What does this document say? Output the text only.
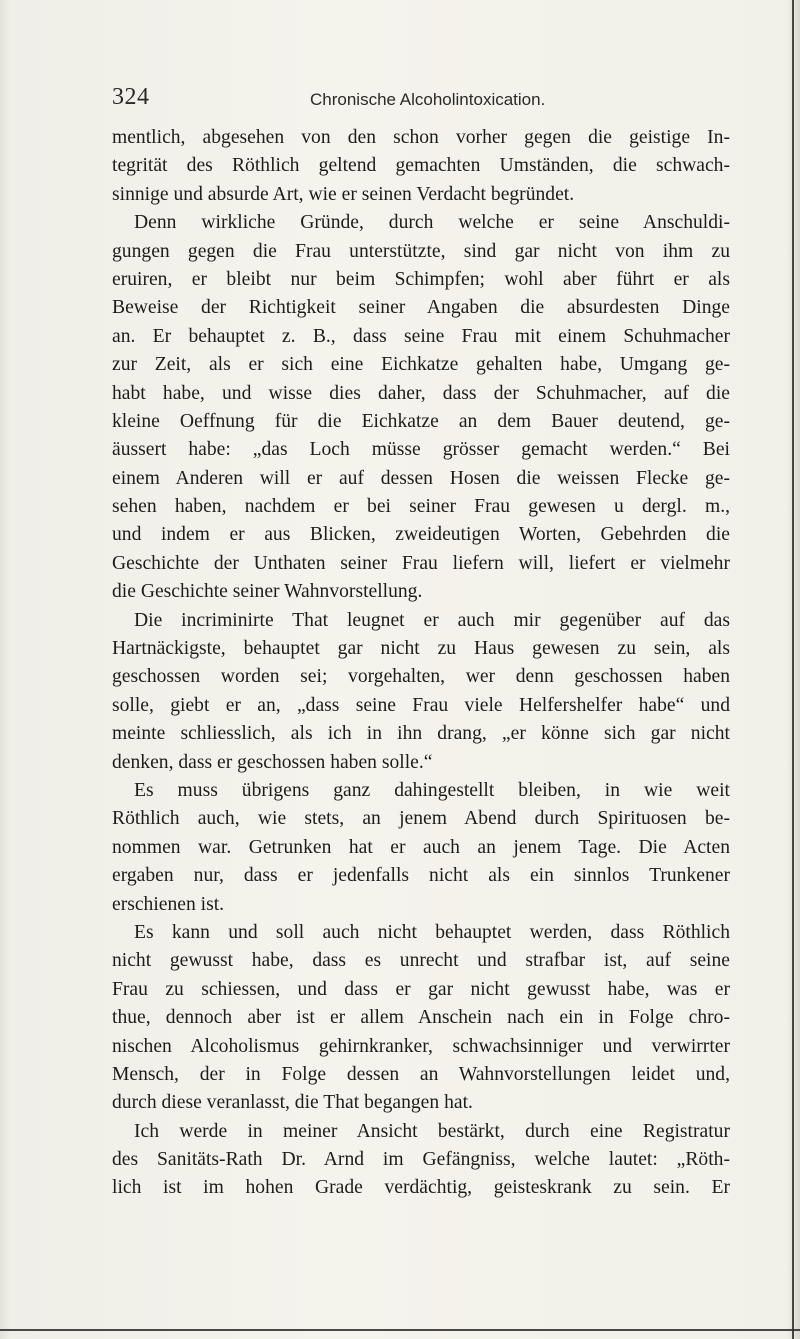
324	Chronische Alcoholintoxication.
mentlich, abgesehen von den schon vorher gegen die geistige In-
tegrität des Röthlich geltend gemachten Umständen, die schwach-
sinnige und absurde Art, wie er seinen Verdacht begründet.
Denn wirkliche Gründe, durch welche er seine Anschuldi-
gungen gegen die Frau unterstützte, sind gar nicht von ihm zu
eruiren, er bleibt nur beim Schimpfen; wohl aber führt er als
Beweise der Richtigkeit seiner Angaben die absurdesten Dinge
an. Er behauptet z. B., dass seine Frau mit einem Schuhmacher
zur Zeit, als er sich eine Eichkatze gehalten habe, Umgang ge-
habt habe, und wisse dies daher, dass der Schuhmacher, auf die
kleine Oeffnung für die Eichkatze an dem Bauer deutend, ge-
äussert habe: „das Loch müsse grösser gemacht werden.“ Bei
einem Anderen will er auf dessen Hosen die weissen Flecke ge-
sehen haben, nachdem er bei seiner Frau gewesen u dergl. m.,
und indem er aus Blicken, zweideutigen Worten, Gebehrden die
Geschichte der Unthaten seiner Frau liefern will, liefert er vielmehr
die Geschichte seiner Wahnvorstellung.
Die incriminirte That leugnet er auch mir gegenüber auf das
Hartnäckigste, behauptet gar nicht zu Haus gewesen zu sein, als
geschossen worden sei; vorgehalten, wer denn geschossen haben
solle, giebt er an, „dass seine Frau viele Helfershelfer habe“ und
meinte schliesslich, als ich in ihn drang, „er könne sich gar nicht
denken, dass er geschossen haben solle.“
Es muss übrigens ganz dahingestellt bleiben, in wie weit
Röthlich auch, wie stets, an jenem Abend durch Spirituosen be-
nommen war. Getrunken hat er auch an jenem Tage. Die Acten
ergaben nur, dass er jedenfalls nicht als ein sinnlos Trunkener
erschienen ist.
Es kann und soll auch nicht behauptet werden, dass Röthlich
nicht gewusst habe, dass es unrecht und strafbar ist, auf seine
Frau zu schiessen, und dass er gar nicht gewusst habe, was er
thue, dennoch aber ist er allem Anschein nach ein in Folge chro-
nischen Alcoholismus gehirnkranker, schwachsinniger und verwirrter
Mensch, der in Folge dessen an Wahnvorstellungen leidet und,
durch diese veranlasst, die That begangen hat.
Ich werde in meiner Ansicht bestärkt, durch eine Registratur
des Sanitäts-Rath Dr. Arnd im Gefängniss, welche lautet: „Röth-
lich ist im hohen Grade verdächtig, geisteskrank zu sein. Er
